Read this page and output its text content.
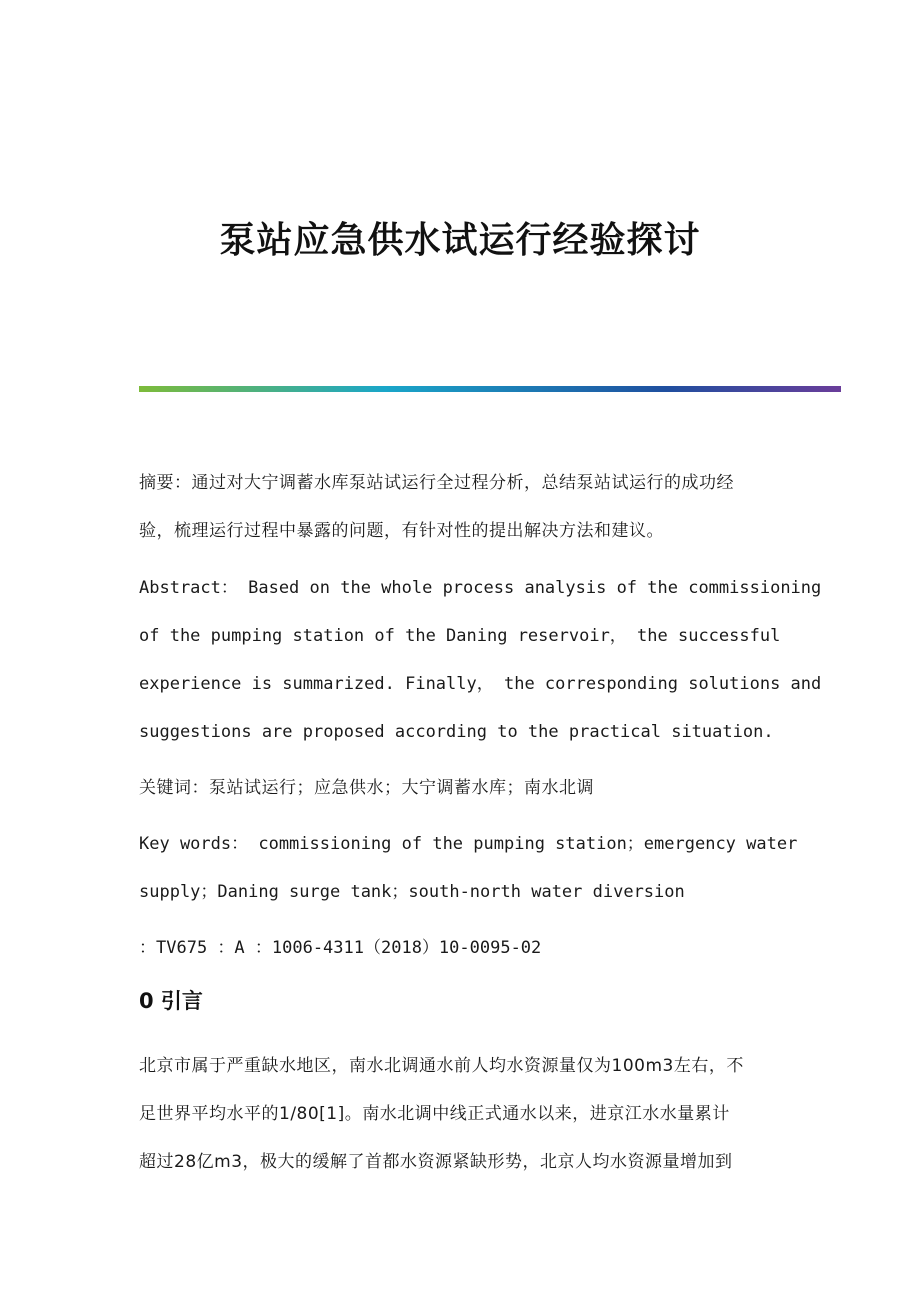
泵站应急供水试运行经验探讨
摘要：通过对大宁调蓄水库泵站试运行全过程分析，总结泵站试运行的成功经
验，梳理运行过程中暴露的问题，有针对性的提出解决方法和建议。
Abstract： Based on the whole process analysis of the commissioning
of the pumping station of the Daning reservoir， the successful
experience is summarized. Finally， the corresponding solutions and
suggestions are proposed according to the practical situation.
关键词：泵站试运行；应急供水；大宁调蓄水库；南水北调
Key words： commissioning of the pumping station；emergency water
supply；Daning surge tank；south-north water diversion
：TV675 ：A ：1006-4311（2018）10-0095-02
0 引言
北京市属于严重缺水地区，南水北调通水前人均水资源量仅为100m3左右，不
足世界平均水平的1/80[1]。南水北调中线正式通水以来，进京江水水量累计
超过28亿m3，极大的缓解了首都水资源紧缺形势，北京人均水资源量增加到
